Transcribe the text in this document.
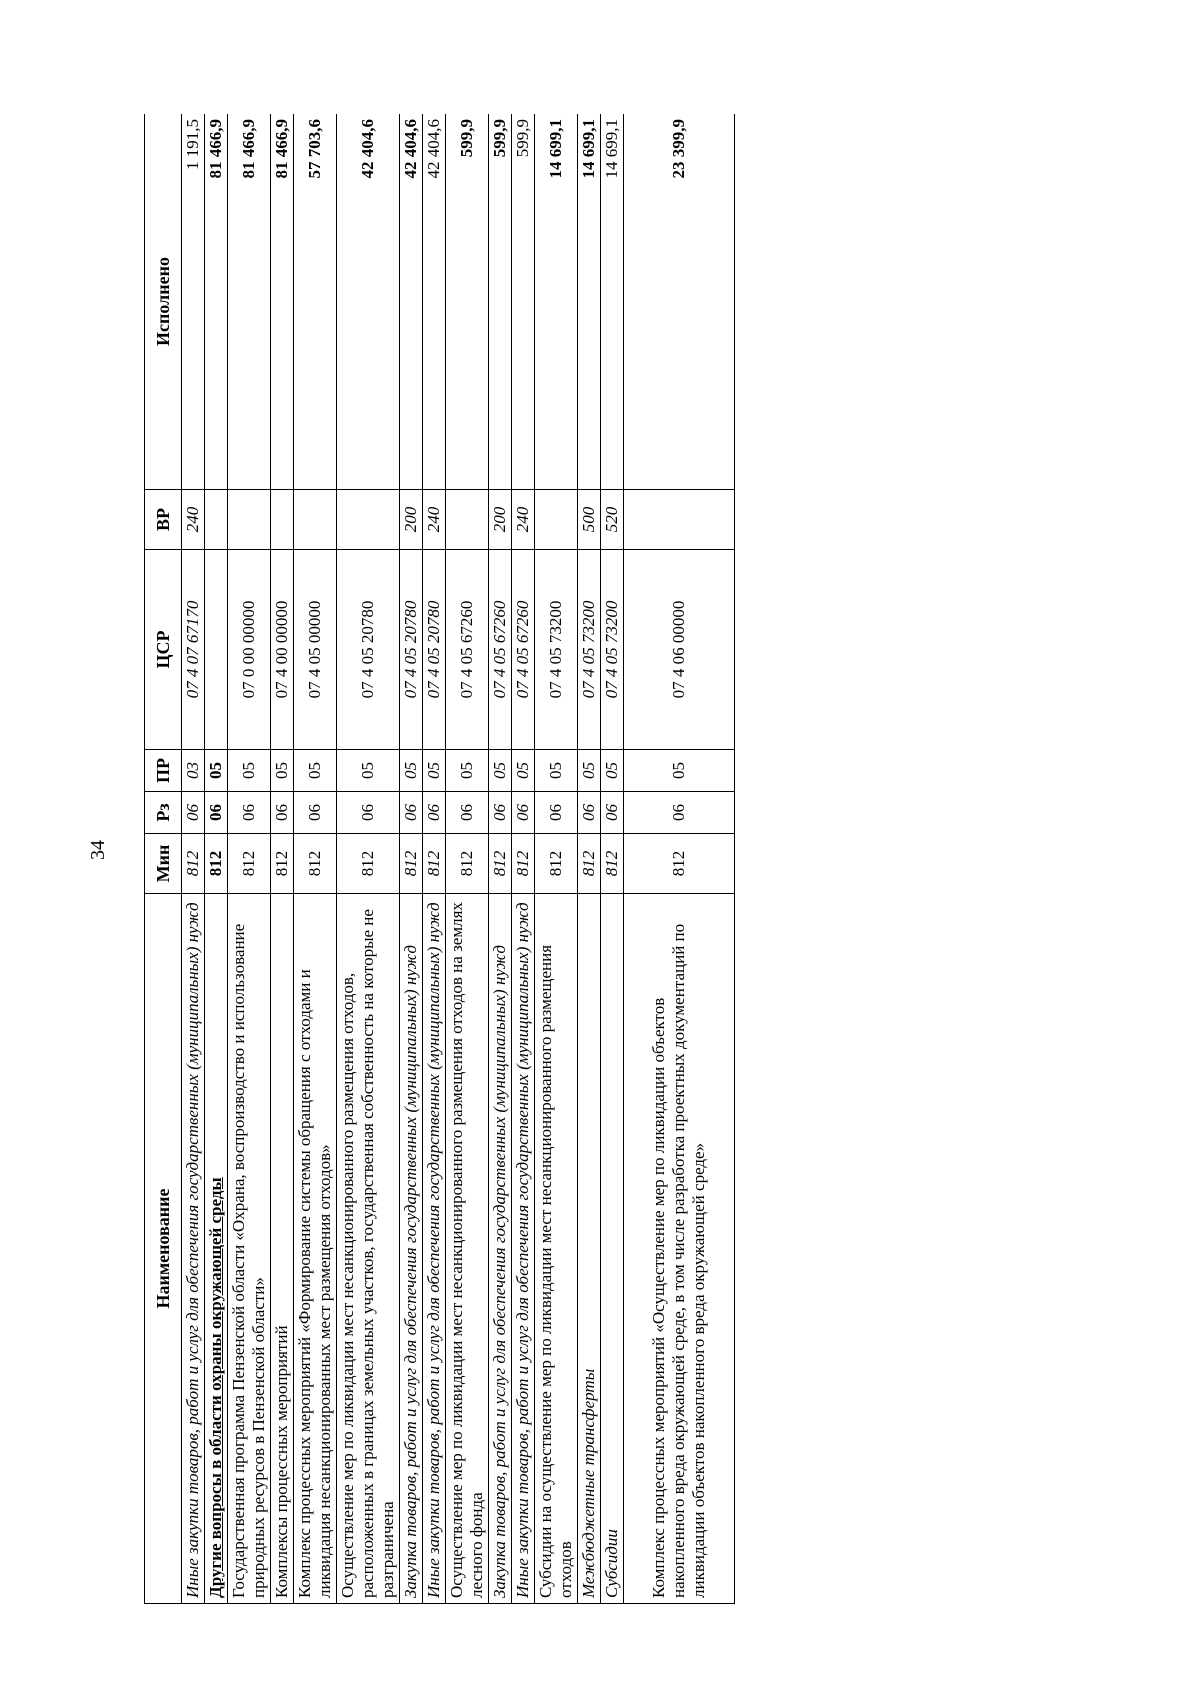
34
Наименование	Мин	Рз	ПР	ЦСР	ВР	Исполнено
Иные закупки товаров, работ и услуг для обеспечения государственных (муниципальных) нужд	812	06	03	07 4 07 67170	240	1 191,5
Другие вопросы в области охраны окружающей среды	812	06	05			81 466,9
Государственная программа Пензенской области «Охрана, воспроизводство и использование природных ресурсов в Пензенской области»	812	06	05	07 0 00 00000		81 466,9
Комплексы процессных мероприятий	812	06	05	07 4 00 00000		81 466,9
Комплекс процессных мероприятий «Формирование системы обращения с отходами и ликвидация несанкционированных мест размещения отходов»	812	06	05	07 4 05 00000		57 703,6
Осуществление мер по ликвидации мест несанкционированного размещения отходов, расположенных в границах земельных участков, государственная собственность на которые не разграничена	812	06	05	07 4 05 20780		42 404,6
Закупка товаров, работ и услуг для обеспечения государственных (муниципальных) нужд	812	06	05	07 4 05 20780	200	42 404,6
Иные закупки товаров, работ и услуг для обеспечения государственных (муниципальных) нужд	812	06	05	07 4 05 20780	240	42 404,6
Осуществление мер по ликвидации мест несанкционированного размещения отходов на землях лесного фонда	812	06	05	07 4 05 67260		599,9
Закупка товаров, работ и услуг для обеспечения государственных (муниципальных) нужд	812	06	05	07 4 05 67260	200	599,9
Иные закупки товаров, работ и услуг для обеспечения государственных (муниципальных) нужд	812	06	05	07 4 05 67260	240	599,9
Субсидии на осуществление мер по ликвидации мест несанкционированного размещения отходов	812	06	05	07 4 05 73200		14 699,1
Межбюджетные трансферты	812	06	05	07 4 05 73200	500	14 699,1
Субсидии	812	06	05	07 4 05 73200	520	14 699,1
Комплекс процессных мероприятий «Осуществление мер по ликвидации объектов накопленного вреда окружающей среде, в том числе разработка проектных документаций по ликвидации объектов накопленного вреда окружающей среде»	812	06	05	07 4 06 00000		23 399,9
